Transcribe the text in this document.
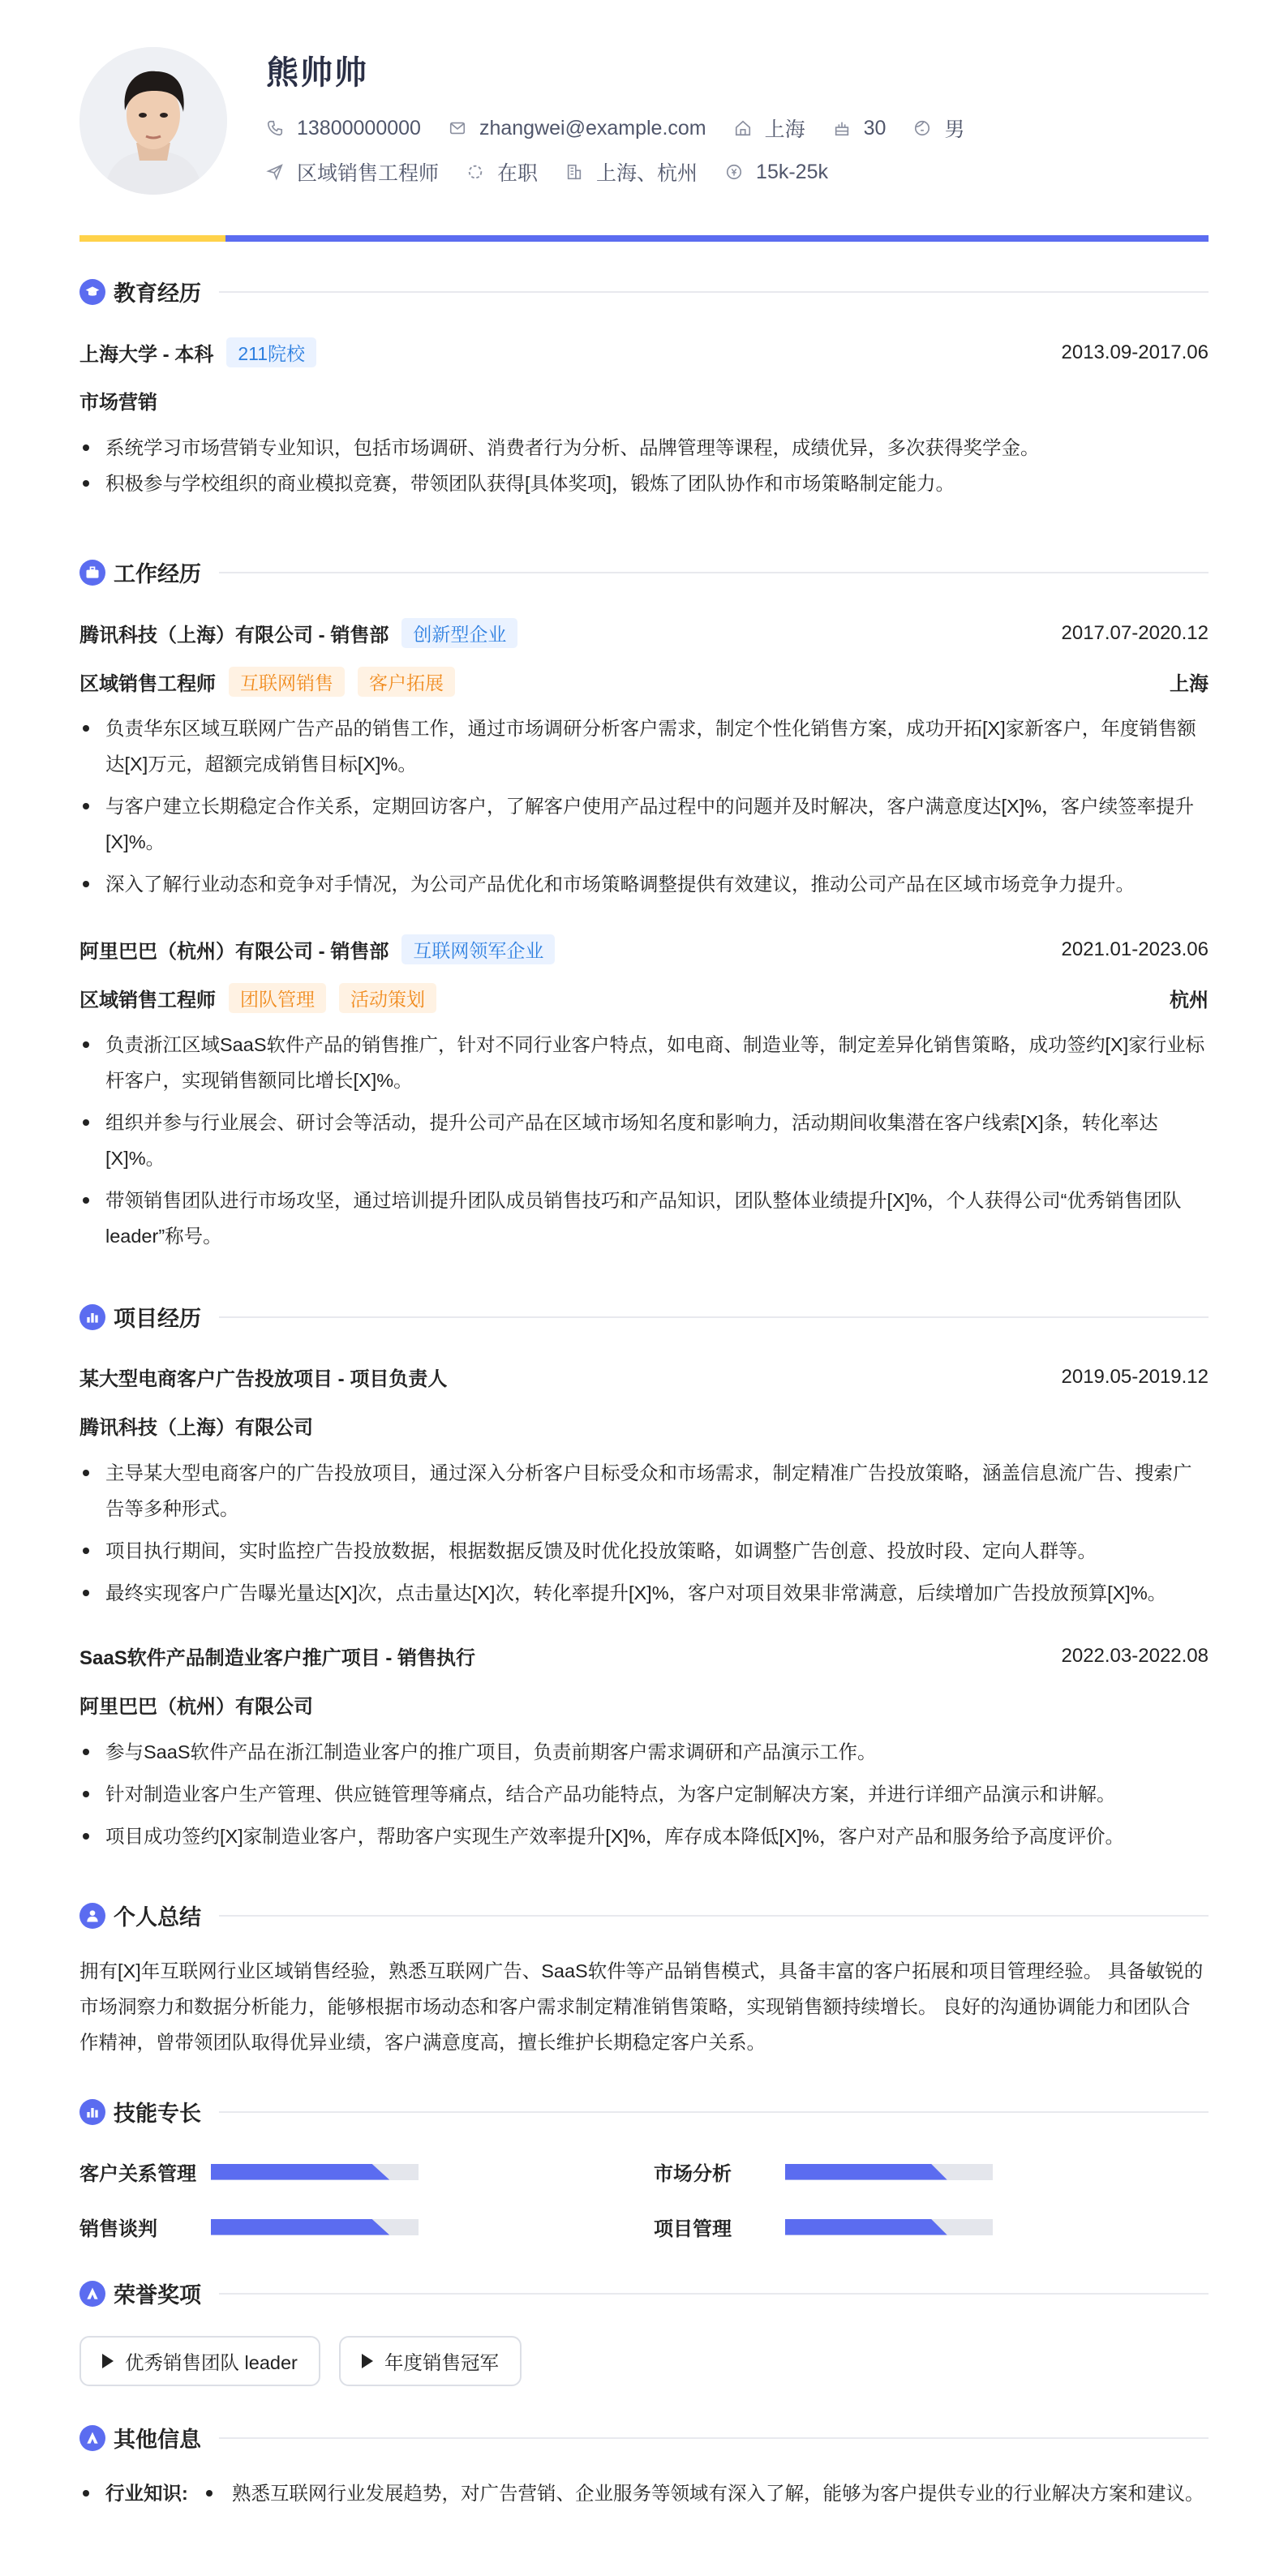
熊帅帅
13800000000	zhangwei@example.com	上海	30	男
区域销售工程师	在职	上海、杭州	15k-25k
教育经历
上海大学 - 本科	211院校	2013.09-2017.06
市场营销
系统学习市场营销专业知识，包括市场调研、消费者行为分析、品牌管理等课程，成绩优异，多次获得奖学金。
积极参与学校组织的商业模拟竞赛，带领团队获得[具体奖项]，锻炼了团队协作和市场策略制定能力。
工作经历
腾讯科技（上海）有限公司 - 销售部	创新型企业	2017.07-2020.12
区域销售工程师	互联网销售	客户拓展	上海
负责华东区域互联网广告产品的销售工作，通过市场调研分析客户需求，制定个性化销售方案，成功开拓[X]家新客户，年度销售额达[X]万元，超额完成销售目标[X]%。
与客户建立长期稳定合作关系，定期回访客户，了解客户使用产品过程中的问题并及时解决，客户满意度达[X]%，客户续签率提升[X]%。
深入了解行业动态和竞争对手情况，为公司产品优化和市场策略调整提供有效建议，推动公司产品在区域市场竞争力提升。
阿里巴巴（杭州）有限公司 - 销售部	互联网领军企业	2021.01-2023.06
区域销售工程师	团队管理	活动策划	杭州
负责浙江区域SaaS软件产品的销售推广，针对不同行业客户特点，如电商、制造业等，制定差异化销售策略，成功签约[X]家行业标杆客户，实现销售额同比增长[X]%。
组织并参与行业展会、研讨会等活动，提升公司产品在区域市场知名度和影响力，活动期间收集潜在客户线索[X]条，转化率达[X]%。
带领销售团队进行市场攻坚，通过培训提升团队成员销售技巧和产品知识，团队整体业绩提升[X]%，个人获得公司“优秀销售团队 leader”称号。
项目经历
某大型电商客户广告投放项目 - 项目负责人	2019.05-2019.12
腾讯科技（上海）有限公司
主导某大型电商客户的广告投放项目，通过深入分析客户目标受众和市场需求，制定精准广告投放策略，涵盖信息流广告、搜索广告等多种形式。
项目执行期间，实时监控广告投放数据，根据数据反馈及时优化投放策略，如调整广告创意、投放时段、定向人群等。
最终实现客户广告曝光量达[X]次，点击量达[X]次，转化率提升[X]%，客户对项目效果非常满意，后续增加广告投放预算[X]%。
SaaS软件产品制造业客户推广项目 - 销售执行	2022.03-2022.08
阿里巴巴（杭州）有限公司
参与SaaS软件产品在浙江制造业客户的推广项目，负责前期客户需求调研和产品演示工作。
针对制造业客户生产管理、供应链管理等痛点，结合产品功能特点，为客户定制解决方案，并进行详细产品演示和讲解。
项目成功签约[X]家制造业客户，帮助客户实现生产效率提升[X]%，库存成本降低[X]%，客户对产品和服务给予高度评价。
个人总结
拥有[X]年互联网行业区域销售经验，熟悉互联网广告、SaaS软件等产品销售模式，具备丰富的客户拓展和项目管理经验。 具备敏锐的市场洞察力和数据分析能力，能够根据市场动态和客户需求制定精准销售策略，实现销售额持续增长。 良好的沟通协调能力和团队合作精神，曾带领团队取得优异业绩，客户满意度高，擅长维护长期稳定客户关系。
技能专长
客户关系管理	市场分析
销售谈判	项目管理
荣誉奖项
优秀销售团队 leader	年度销售冠军
其他信息
行业知识:	熟悉互联网行业发展趋势，对广告营销、企业服务等领域有深入了解，能够为客户提供专业的行业解决方案和建议。
